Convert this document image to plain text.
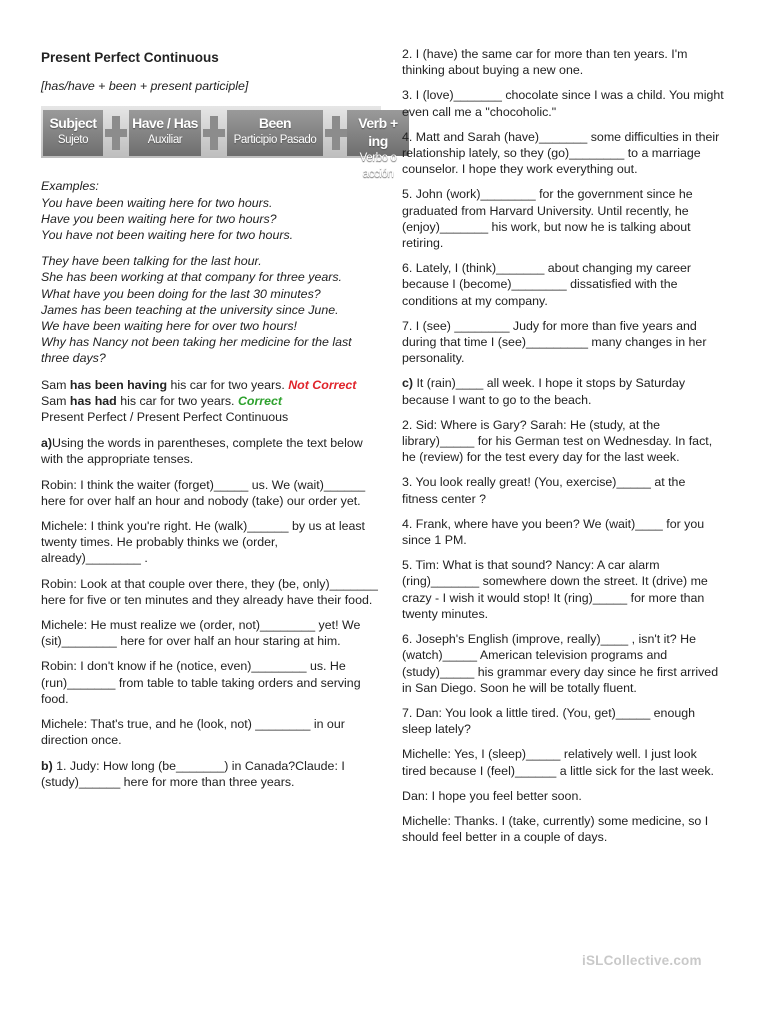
Present Perfect Continuous

[has/have + been + present participle]

Subject
Sujeto
Have / Has
Auxiliar
Been
Participio Pasado
Verb + ing
Verbo o acción

Examples:

You have been waiting here for two hours.

Have you been waiting here for two hours?

You have not been waiting here for two hours.

They have been talking for the last hour.

She has been working at that company for three years.

What have you been doing for the last 30 minutes?

James has been teaching at the university since June.

We have been waiting here for over two hours!

Why has Nancy not been taking her medicine for the last three days?

Sam has been having his car for two years. Not Correct

Sam has had his car for two years. Correct

Present Perfect / Present Perfect Continuous

a)Using the words in parentheses, complete the text below with the appropriate tenses.

Robin: I think the waiter (forget)_____ us. We (wait)______ here for over half an hour and nobody (take) our order yet.

Michele: I think you're right. He (walk)______ by us at least twenty times. He probably thinks we (order, already)________ .

Robin: Look at that couple over there, they (be, only)_______ here for five or ten minutes and they already have their food.

Michele: He must realize we (order, not)________ yet! We (sit)________ here for over half an hour staring at him.

Robin: I don't know if he (notice, even)________ us. He (run)_______ from table to table taking orders and serving food.

Michele: That's true, and he (look, not) ________ in our direction once.

b) 1. Judy: How long (be_______) in Canada?Claude: I (study)______ here for more than three years.

2. I (have) the same car for more than ten years. I'm thinking about buying a new one.

3. I (love)_______ chocolate since I was a child. You might even call me a "chocoholic."

4. Matt and Sarah (have)_______ some difficulties in their relationship lately, so they (go)________ to a marriage counselor. I hope they work everything out.

5. John (work)________ for the government since he graduated from Harvard University. Until recently, he (enjoy)_______ his work, but now he is talking about retiring.

6. Lately, I (think)_______ about changing my career because I (become)________ dissatisfied with the conditions at my company.

7. I (see) ________ Judy for more than five years and during that time I (see)_________ many changes in her personality.

c) It (rain)____ all week. I hope it stops by Saturday because I want to go to the beach.

2. Sid: Where is Gary? Sarah: He (study, at the library)_____ for his German test on Wednesday. In fact, he (review) for the test every day for the last week.

3. You look really great! (You, exercise)_____ at the fitness center ?

4. Frank, where have you been? We (wait)____ for you since 1 PM.

5. Tim: What is that sound? Nancy: A car alarm (ring)_______ somewhere down the street. It (drive) me crazy - I wish it would stop! It (ring)_____ for more than twenty minutes.

6. Joseph's English (improve, really)____ , isn't it? He (watch)_____ American television programs and (study)_____ his grammar every day since he first arrived in San Diego. Soon he will be totally fluent.

7. Dan: You look a little tired. (You, get)_____ enough sleep lately?

Michelle: Yes, I (sleep)_____ relatively well. I just look tired because I (feel)______ a little sick for the last week.

Dan: I hope you feel better soon.

Michelle: Thanks. I (take, currently) some medicine, so I should feel better in a couple of days.

iSLCollective.com
